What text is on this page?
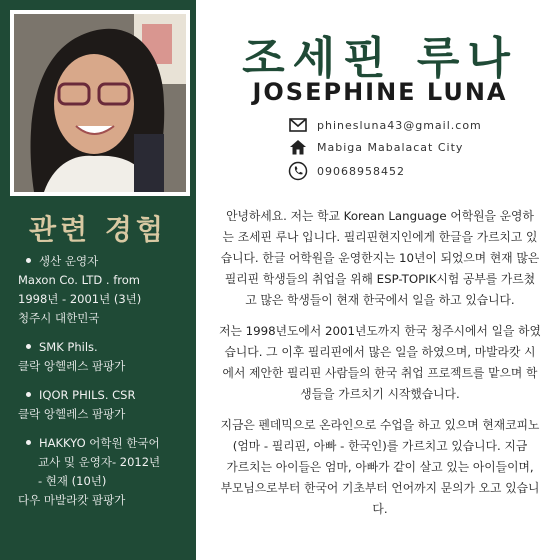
관련 경험
생산 운영자
Maxon Co. LTD . from
1998년 - 2001년 (3년)
청주시 대한민국
SMK Phils.
클락 앙헬레스 팜팡가
IQOR PHILS. CSR
클락 앙헬레스 팜팡가
HAKKYO 어학원 한국어
교사 및 운영자- 2012년
- 현재 (10년)
다우 마발라캇 팜팡가
조세핀 루나
JOSEPHINE LUNA
phinesluna43@gmail.com
Mabiga Mabalacat City
09068958452

안녕하세요. 저는 학교 Korean Language 어학원을 운영하
는 조세핀 루나 입니다. 필리핀현지인에게 한글을 가르치고 있
습니다. 한글 어학원을 운영한지는 10년이 되었으며 현재 많은
필리핀 학생들의 취업을 위해 ESP-TOPIK시험 공부를 가르쳤
고 많은 학생들이 현재 한국에서 일을 하고 있습니다.

저는 1998년도에서 2001년도까지 한국 청주시에서 일을 하였
습니다. 그 이후 필리핀에서 많은 일을 하였으며, 마발라캇 시
에서 제안한 필리핀 사람들의 한국 취업 프로젝트를 맡으며 학
생들을 가르치기 시작했습니다.

지금은 펜데믹으로 온라인으로 수업을 하고 있으며 현재코피노
(엄마 - 필리핀, 아빠 - 한국인)를 가르치고 있습니다. 지금
가르치는 아이들은 엄마, 아빠가 같이 살고 있는 아이들이며,
부모님으로부터 한국어 기초부터 언어까지 문의가 오고 있습니
다.
